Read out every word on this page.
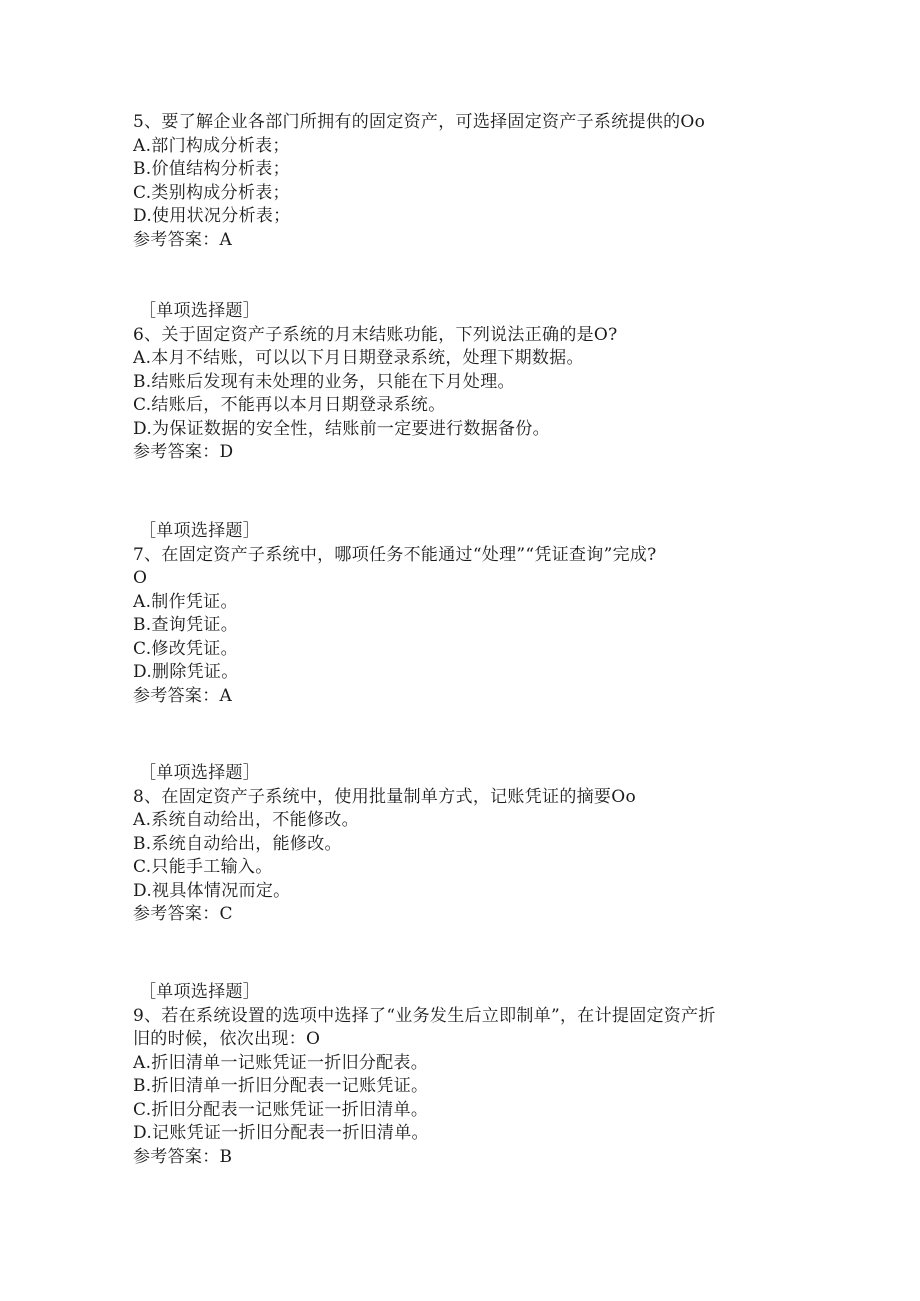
5、要了解企业各部门所拥有的固定资产，可选择固定资产子系统提供的Oo
A.部门构成分析表；
B.价值结构分析表；
C.类别构成分析表；
D.使用状况分析表；
参考答案：A
［单项选择题］
6、关于固定资产子系统的月末结账功能，下列说法正确的是O?
A.本月不结账，可以以下月日期登录系统，处理下期数据。
B.结账后发现有未处理的业务，只能在下月处理。
C.结账后，不能再以本月日期登录系统。
D.为保证数据的安全性，结账前一定要进行数据备份。
参考答案：D
［单项选择题］
7、在固定资产子系统中，哪项任务不能通过“处理”“凭证查询”完成?
O
A.制作凭证。
B.查询凭证。
C.修改凭证。
D.删除凭证。
参考答案：A
［单项选择题］
8、在固定资产子系统中，使用批量制单方式，记账凭证的摘要Oo
A.系统自动给出，不能修改。
B.系统自动给出，能修改。
C.只能手工输入。
D.视具体情况而定。
参考答案：C
［单项选择题］
9、若在系统设置的选项中选择了“业务发生后立即制单”，在计提固定资产折
旧的时候，依次出现：O
A.折旧清单一记账凭证一折旧分配表。
B.折旧清单一折旧分配表一记账凭证。
C.折旧分配表一记账凭证一折旧清单。
D.记账凭证一折旧分配表一折旧清单。
参考答案：B
